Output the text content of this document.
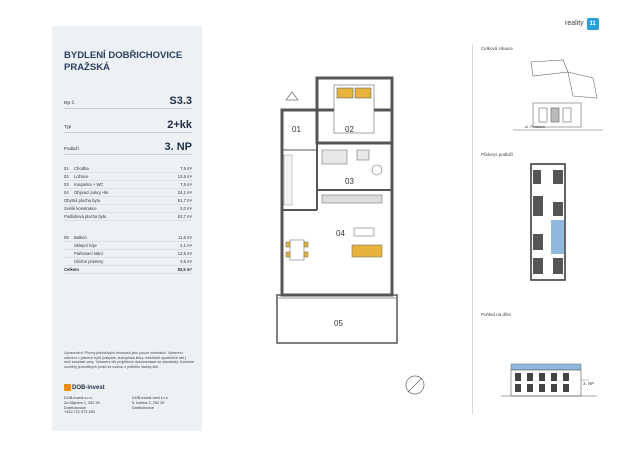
reality 11
BYDLENÍ DOBŘICHOVICE
PRAŽSKÁ
Byt č.	S3.3
Typ	2+kk
Podlaží	3. NP
01	Chodba	7,5 m²
02	Ložnice	12,6 m²
03	Koupelna + WC	7,5 m²
04	Obývací pokoj +kk	24,1 m²
Obytná plocha bytu	51,7 m²
Svislé konstrukce	2,0 m²
Podlahová plocha bytu	53,7 m²
05	Balkón	11,6 m²
Sklepní kóje	2,1 m²
Parkovací stání	12,5 m²
Účelné prostory	3,6 m²
Celkem	83,5 m²
Upozornění: Plochy jednotlivých místností jsou pouze orientační. Vybavení zařízení v plánech bytů (nábytek, kuchyňská linka, elektrické spotřebiče atd.) není součástí ceny. Vybavení dle projektové dokumentace se standardy. Konečné rozměry jednotlivých prvků se mohou v průběhu stavby lišit.
DOB-invest
DOB-invest s.r.o.
Za Mlýnem 1, 252 29
Dobřichovice
+420 721 973 189
DOB-invest nest s.r.o.
5. května 3, 252 29
Dobřichovice
01	02
03
04
05
Celková situace
ul. Pražská
Půdorys podlaží
Pohled na dům
3. NP
